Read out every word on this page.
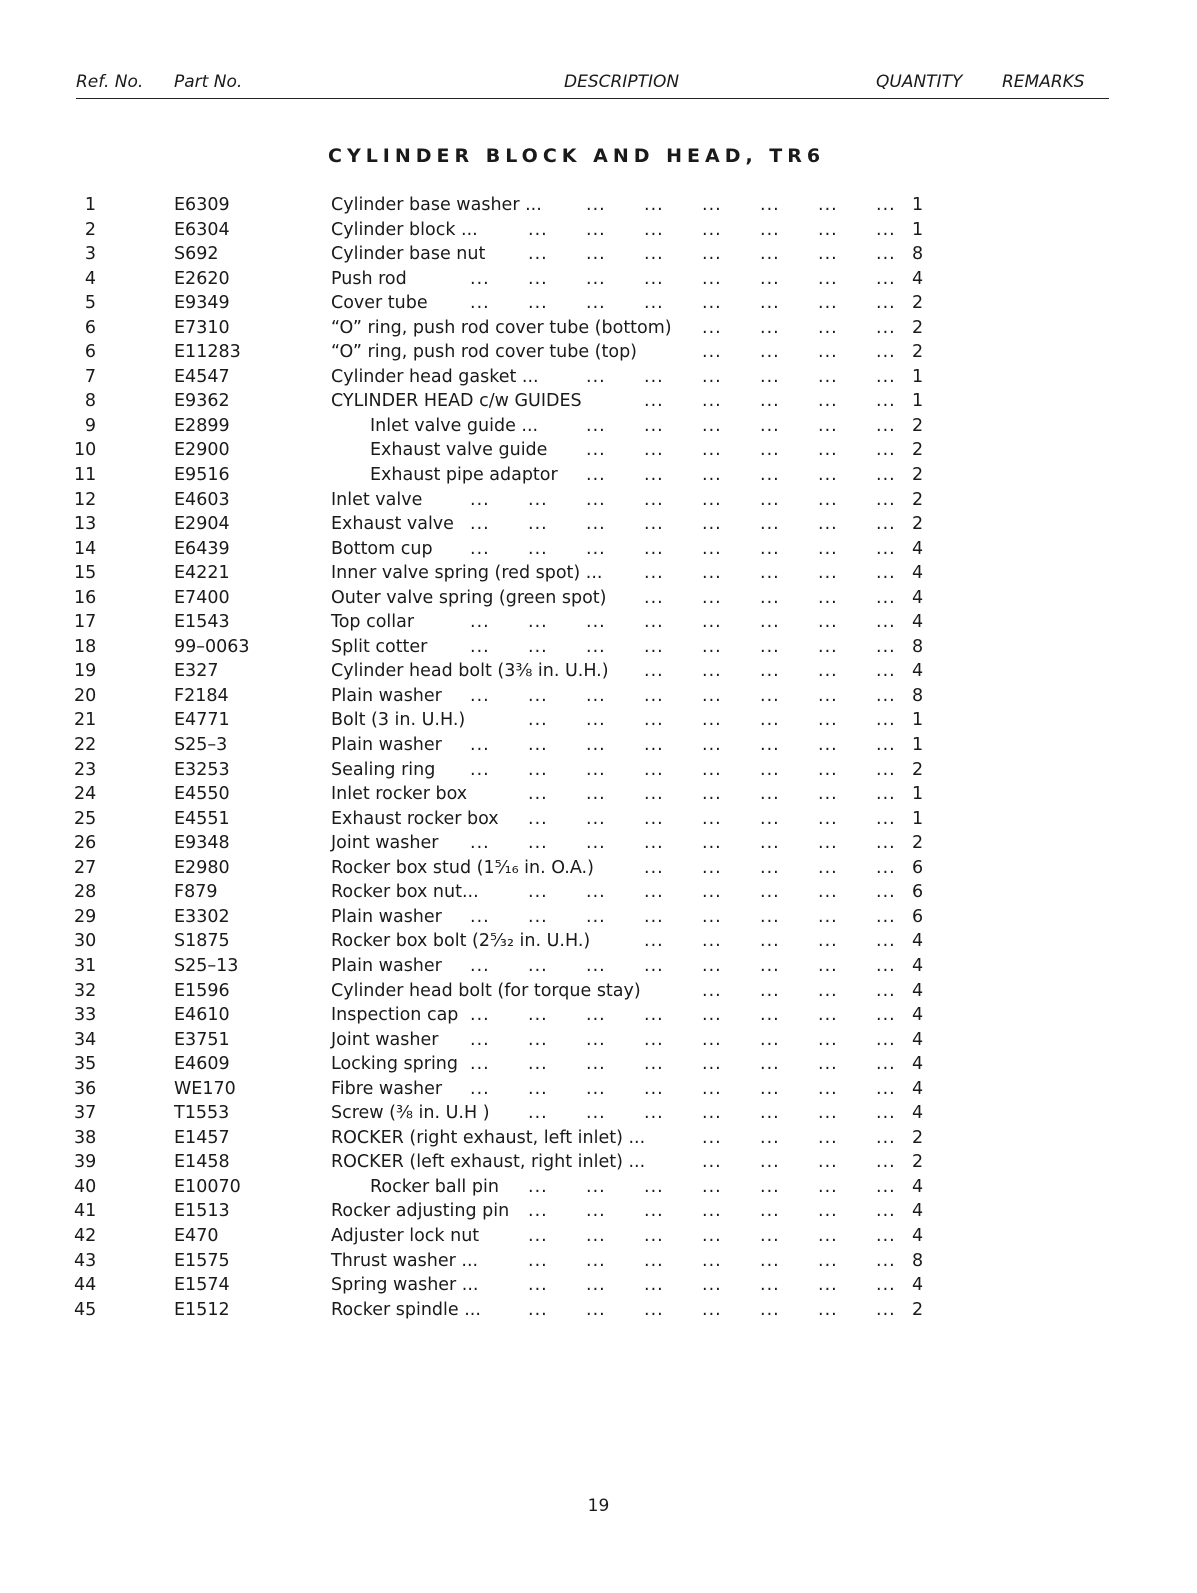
Ref. No. Part No.	DESCRIPTION	QUANTITY REMARKS
CYLINDER BLOCK AND HEAD, TR6
... ... ... ... ... ...
1	E6309	Cylinder base washer ...	1
... ... ... ... ... ... ...
2	E6304	Cylinder block ...	1
... ... ... ... ... ... ...
3	S692	Cylinder base nut	8
... ... ... ... ... ... ... ...
4	E2620	Push rod	4
... ... ... ... ... ... ... ...
5	E9349	Cover tube	2
... ... ... ...
6	E7310	“O” ring, push rod cover tube (bottom)	2
... ... ... ...
6	E11283	“O” ring, push rod cover tube (top)	2
... ... ... ... ... ...
7	E4547	Cylinder head gasket ...	1
... ... ... ... ...
8	E9362	CYLINDER HEAD c/w GUIDES	1
... ... ... ... ... ...
9	E2899	Inlet valve guide ...	2
... ... ... ... ... ...
10	E2900	Exhaust valve guide	2
... ... ... ... ... ...
11	E9516	Exhaust pipe adaptor	2
... ... ... ... ... ... ... ...
12	E4603	Inlet valve	2
... ... ... ... ... ... ... ...
13	E2904	Exhaust valve	2
... ... ... ... ... ... ... ...
14	E6439	Bottom cup	4
... ... ... ... ...
15	E4221	Inner valve spring (red spot) ...	4
... ... ... ... ...
16	E7400	Outer valve spring (green spot)	4
... ... ... ... ... ... ... ...
17	E1543	Top collar	4
... ... ... ... ... ... ... ...
18	99–0063	Split cotter	8
... ... ... ... ...
19	E327	Cylinder head bolt (3⅜ in. U.H.)	4
... ... ... ... ... ... ... ...
20	F2184	Plain washer	8
... ... ... ... ... ... ...
21	E4771	Bolt (3 in. U.H.)	1
... ... ... ... ... ... ... ...
22	S25–3	Plain washer	1
... ... ... ... ... ... ... ...
23	E3253	Sealing ring	2
... ... ... ... ... ... ...
24	E4550	Inlet rocker box	1
... ... ... ... ... ... ...
25	E4551	Exhaust rocker box	1
... ... ... ... ... ... ... ...
26	E9348	Joint washer	2
... ... ... ... ...
27	E2980	Rocker box stud (1⁵⁄₁₆ in. O.A.)	6
... ... ... ... ... ... ...
28	F879	Rocker box nut...	6
... ... ... ... ... ... ... ...
29	E3302	Plain washer	6
... ... ... ... ...
30	S1875	Rocker box bolt (2⁵⁄₃₂ in. U.H.)	4
... ... ... ... ... ... ... ...
31	S25–13	Plain washer	4
... ... ... ...
32	E1596	Cylinder head bolt (for torque stay)	4
... ... ... ... ... ... ... ...
33	E4610	Inspection cap	4
... ... ... ... ... ... ... ...
34	E3751	Joint washer	4
... ... ... ... ... ... ... ...
35	E4609	Locking spring	4
... ... ... ... ... ... ... ...
36	WE170	Fibre washer	4
... ... ... ... ... ... ...
37	T1553	Screw (⅜ in. U.H )	4
... ... ... ...
38	E1457	ROCKER (right exhaust, left inlet) ...	2
... ... ... ...
39	E1458	ROCKER (left exhaust, right inlet) ...	2
... ... ... ... ... ... ...
40	E10070	Rocker ball pin	4
... ... ... ... ... ... ...
41	E1513	Rocker adjusting pin	4
... ... ... ... ... ... ...
42	E470	Adjuster lock nut	4
... ... ... ... ... ... ...
43	E1575	Thrust washer ...	8
... ... ... ... ... ... ...
44	E1574	Spring washer ...	4
... ... ... ... ... ... ...
45	E1512	Rocker spindle ...	2
19
